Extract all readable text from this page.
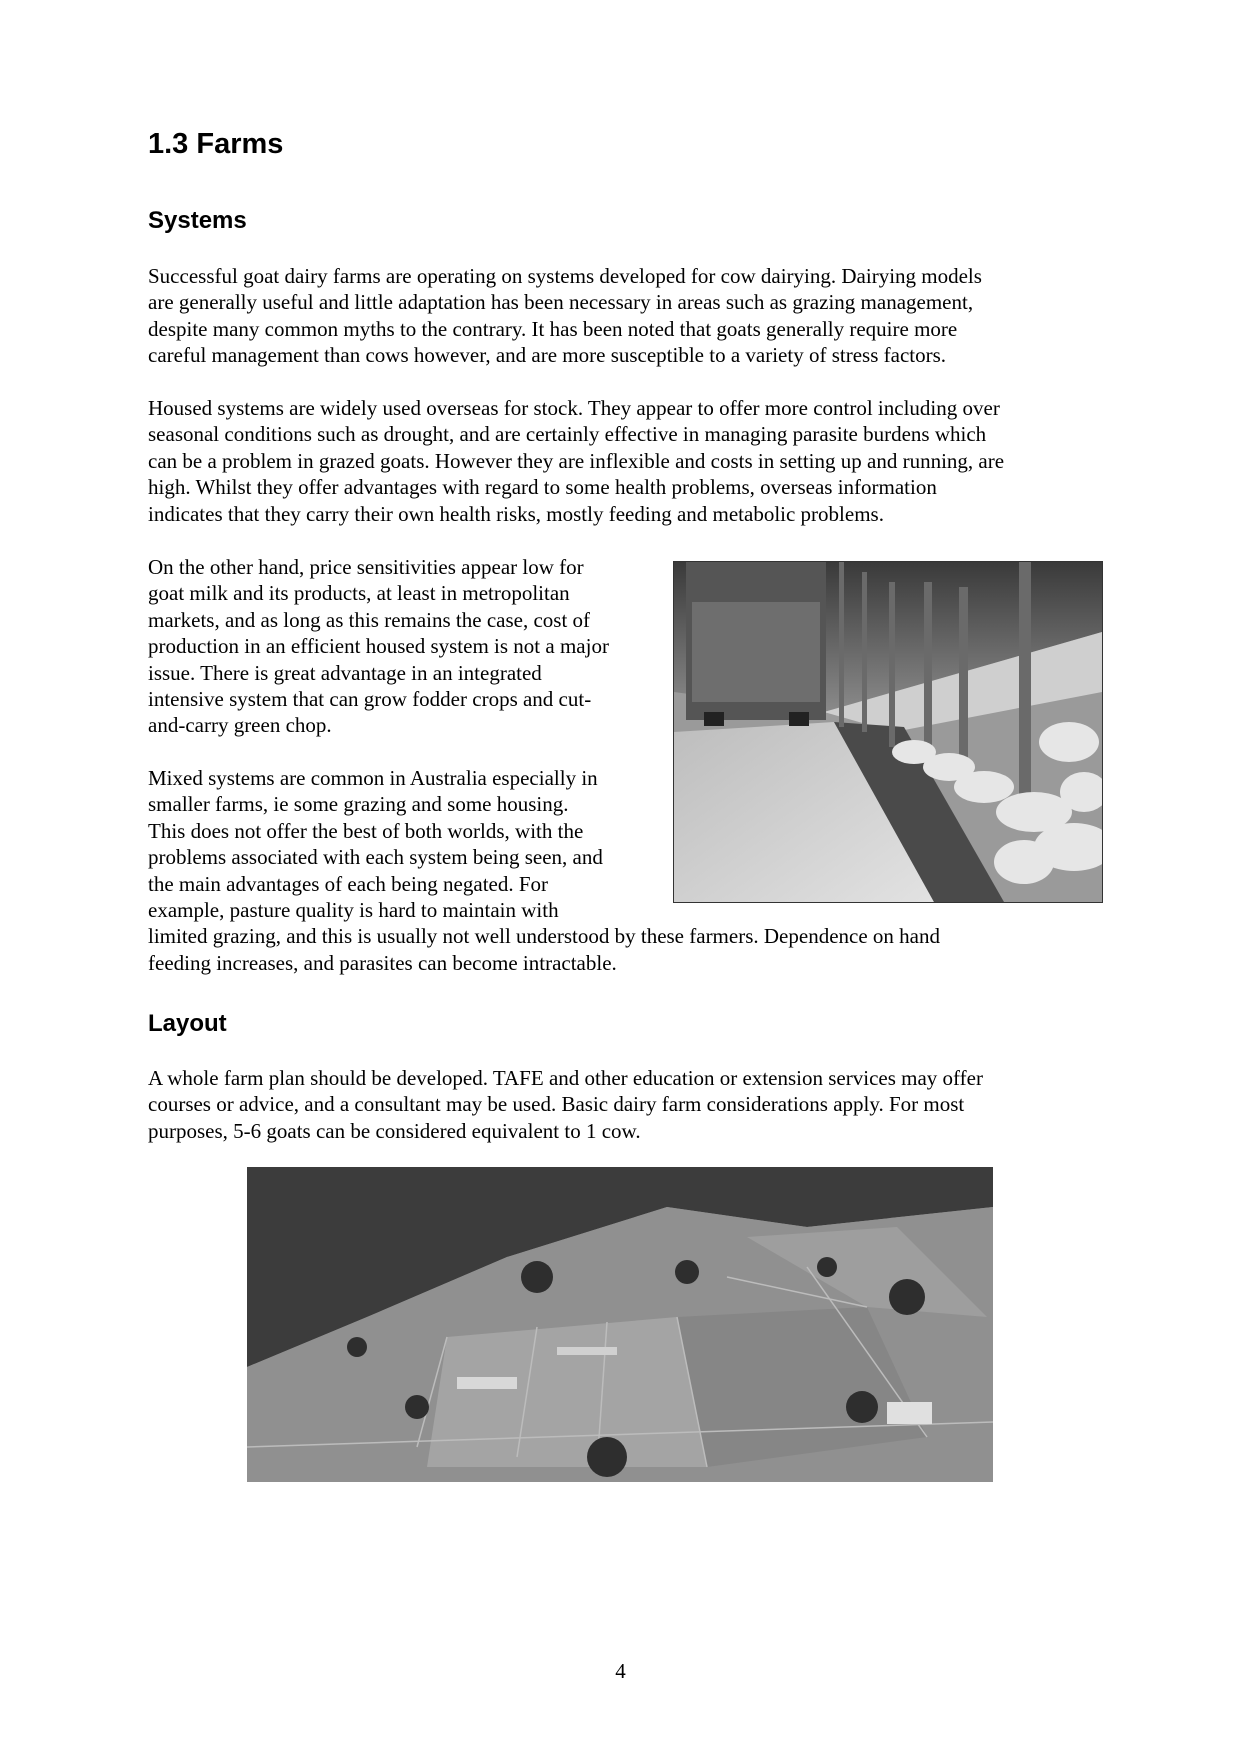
1.3 Farms
Systems

Successful goat dairy farms are operating on systems developed for cow dairying. Dairying models
are generally useful and little adaptation has been necessary in areas such as grazing management,
despite many common myths to the contrary. It has been noted that goats generally require more
careful management than cows however, and are more susceptible to a variety of stress factors.

Housed systems are widely used overseas for stock. They appear to offer more control including over
seasonal conditions such as drought, and are certainly effective in managing parasite burdens which
can be a problem in grazed goats. However they are inflexible and costs in setting up and running, are
high. Whilst they offer advantages with regard to some health problems, overseas information
indicates that they carry their own health risks, mostly feeding and metabolic problems.

On the other hand, price sensitivities appear low for
goat milk and its products, at least in metropolitan
markets, and as long as this remains the case, cost of
production in an efficient housed system is not a major
issue. There is great advantage in an integrated
intensive system that can grow fodder crops and cut-
and-carry green chop.

Mixed systems are common in Australia especially in
smaller farms, ie some grazing and some housing.
This does not offer the best of both worlds, with the
problems associated with each system being seen, and
the main advantages of each being negated. For
example, pasture quality is hard to maintain with
limited grazing, and this is usually not well understood by these farmers. Dependence on hand
feeding increases, and parasites can become intractable.

Layout

A whole farm plan should be developed. TAFE and other education or extension services may offer
courses or advice, and a consultant may be used. Basic dairy farm considerations apply. For most
purposes, 5-6 goats can be considered equivalent to 1 cow.

4
